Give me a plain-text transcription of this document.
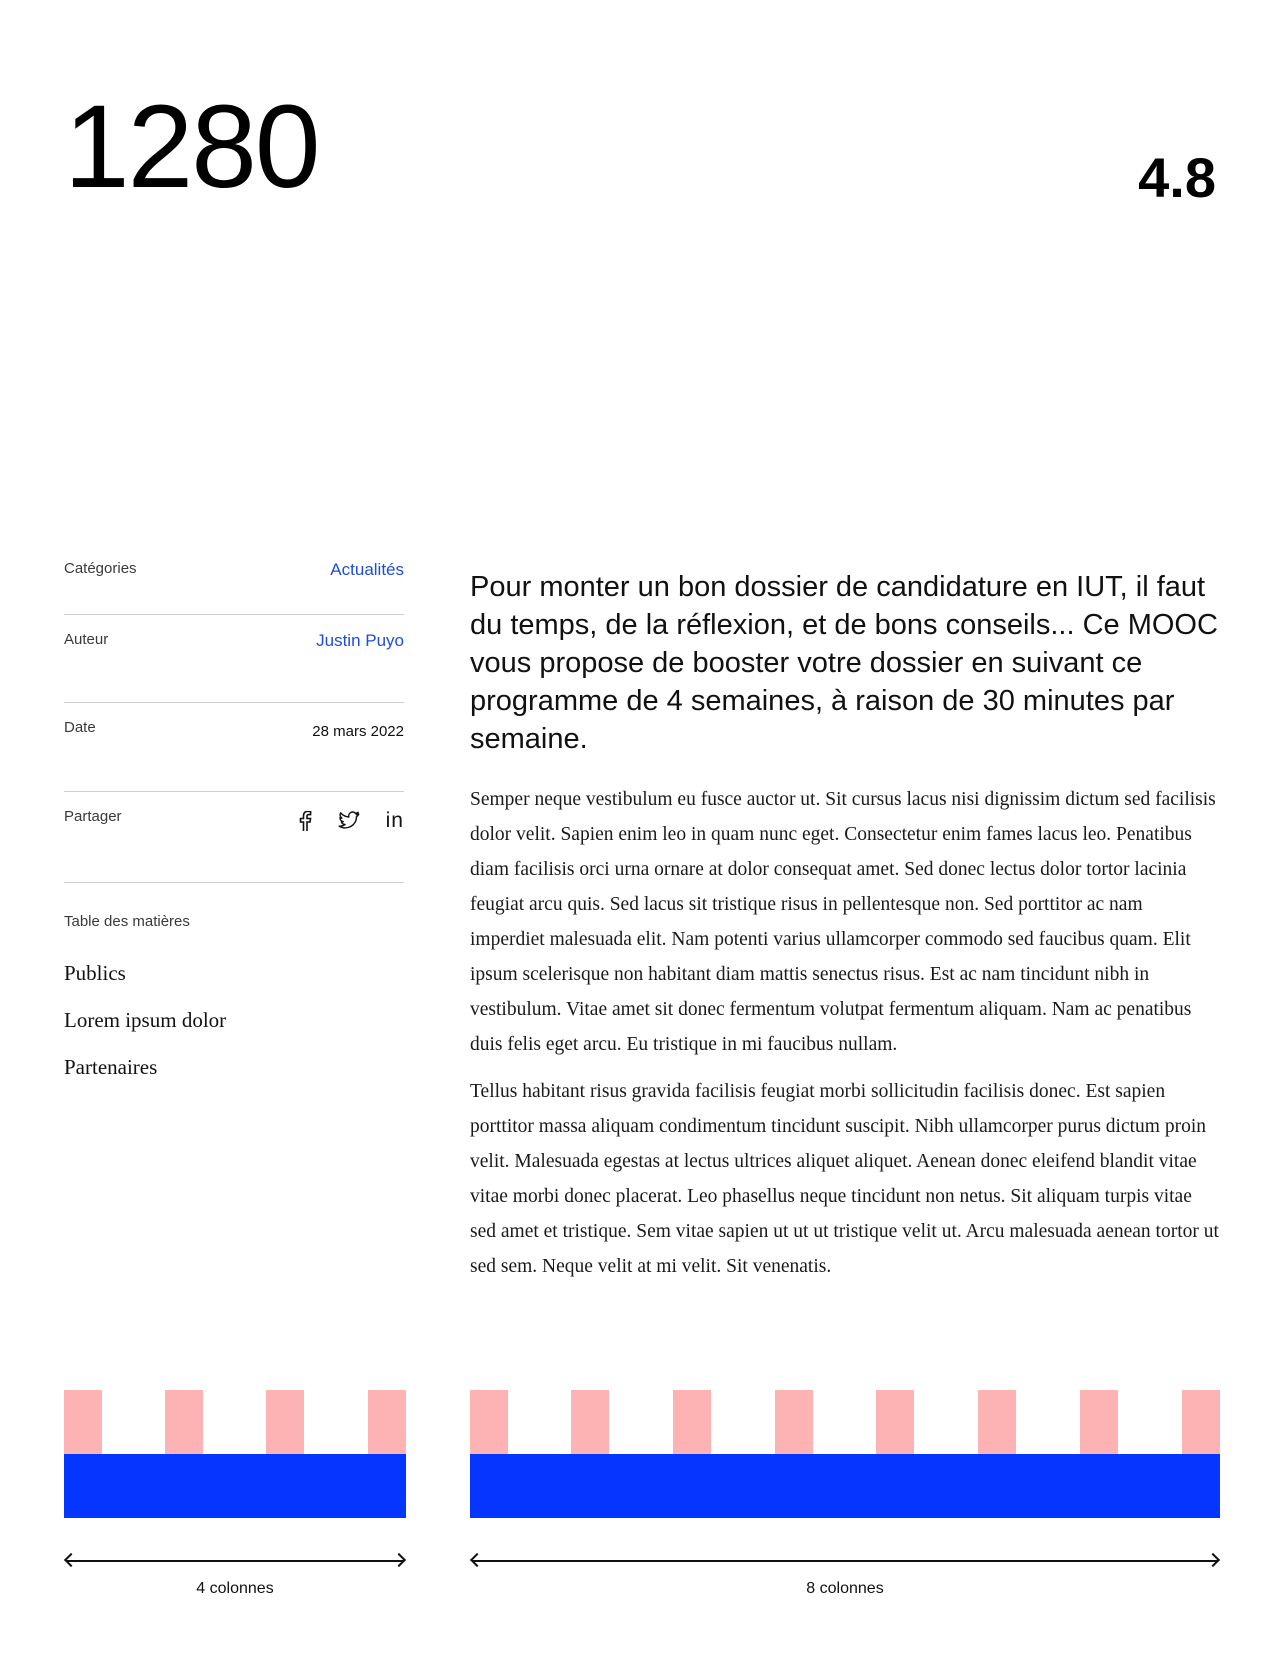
1280	4.8
Catégories	Actualités
Auteur	Justin Puyo
Date	28 mars 2022
Partager	in
Table des matières
Publics
Lorem ipsum dolor
Partenaires

Pour monter un bon dossier de candidature en IUT, il faut du temps, de la réflexion, et de bons conseils... Ce MOOC vous propose de booster votre dossier en suivant ce programme de 4 semaines, à raison de 30 minutes par semaine.

Semper neque vestibulum eu fusce auctor ut. Sit cursus lacus nisi dignissim dictum sed facilisis dolor velit. Sapien enim leo in quam nunc eget. Consectetur enim fames lacus leo. Penatibus diam facilisis orci urna ornare at dolor consequat amet. Sed donec lectus dolor tortor lacinia feugiat arcu quis. Sed lacus sit tristique risus in pellentesque non. Sed porttitor ac nam imperdiet malesuada elit. Nam potenti varius ullamcorper commodo sed faucibus quam. Elit ipsum scelerisque non habitant diam mattis senectus risus. Est ac nam tincidunt nibh in vestibulum. Vitae amet sit donec fermentum volutpat fermentum aliquam. Nam ac penatibus duis felis eget arcu. Eu tristique in mi faucibus nullam.

Tellus habitant risus gravida facilisis feugiat morbi sollicitudin facilisis donec. Est sapien porttitor massa aliquam condimentum tincidunt suscipit. Nibh ullamcorper purus dictum proin velit. Malesuada egestas at lectus ultrices aliquet aliquet. Aenean donec eleifend blandit vitae vitae morbi donec placerat. Leo phasellus neque tincidunt non netus. Sit aliquam turpis vitae sed amet et tristique. Sem vitae sapien ut ut ut tristique velit ut. Arcu malesuada aenean tortor ut sed sem. Neque velit at mi velit. Sit venenatis.

4 colonnes	8 colonnes
